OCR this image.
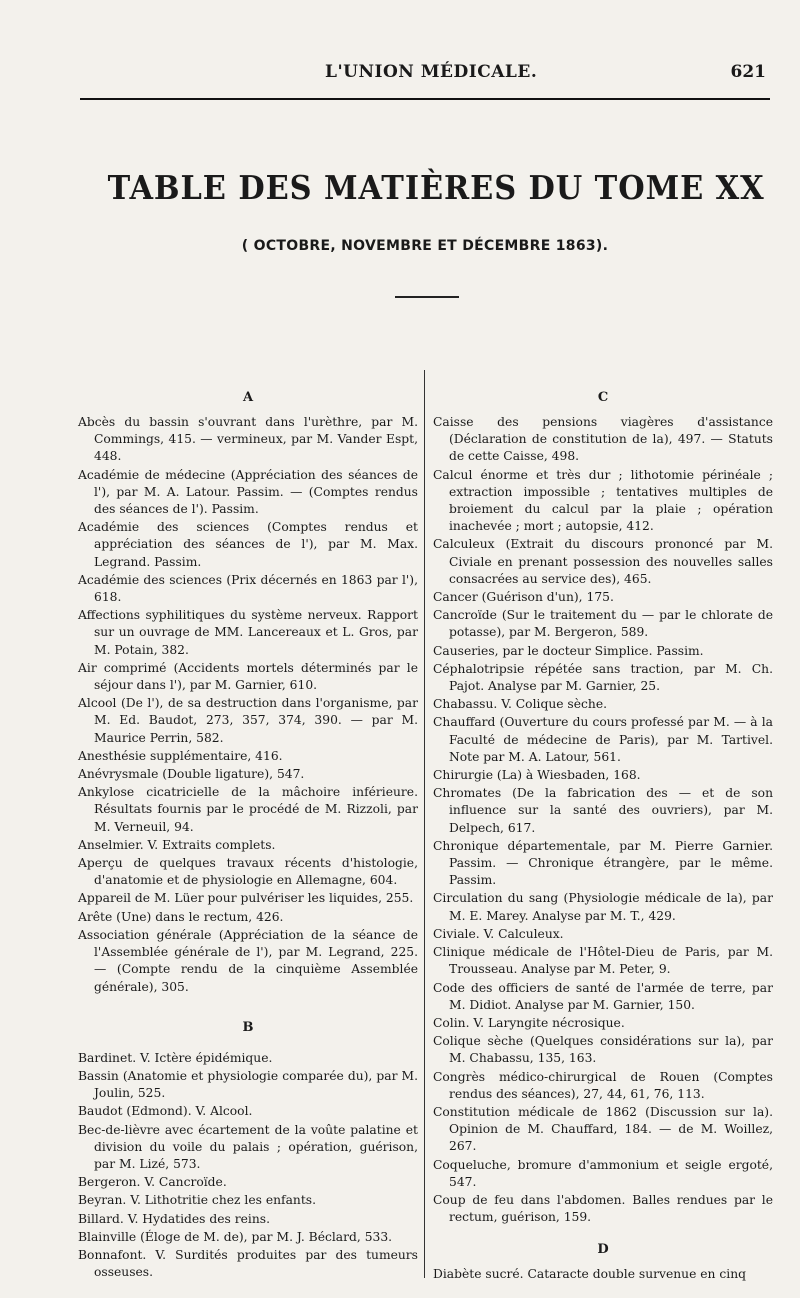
L'UNION MÉDICALE.	621
TABLE DES MATIÈRES DU TOME XX
( OCTOBRE, NOVEMBRE ET DÉCEMBRE 1863).
A

Abcès du bassin s'ouvrant dans l'urèthre, par M. Commings, 415. — vermineux, par M. Vander Espt, 448.

Académie de médecine (Appréciation des séances de l'), par M. A. Latour. Passim. — (Comptes rendus des séances de l'). Passim.

Académie des sciences (Comptes rendus et appréciation des séances de l'), par M. Max. Legrand. Passim.

Académie des sciences (Prix décernés en 1863 par l'), 618.

Affections syphilitiques du système nerveux. Rapport sur un ouvrage de MM. Lancereaux et L. Gros, par M. Potain, 382.

Air comprimé (Accidents mortels déterminés par le séjour dans l'), par M. Garnier, 610.

Alcool (De l'), de sa destruction dans l'organisme, par M. Ed. Baudot, 273, 357, 374, 390. — par M. Maurice Perrin, 582.

Anesthésie supplémentaire, 416.

Anévrysmale (Double ligature), 547.

Ankylose cicatricielle de la mâchoire inférieure. Résultats fournis par le procédé de M. Rizzoli, par M. Verneuil, 94.

Anselmier. V. Extraits complets.

Aperçu de quelques travaux récents d'histologie, d'anatomie et de physiologie en Allemagne, 604.

Appareil de M. Lüer pour pulvériser les liquides, 255.

Arête (Une) dans le rectum, 426.

Association générale (Appréciation de la séance de l'Assemblée générale de l'), par M. Legrand, 225. — (Compte rendu de la cinquième Assemblée générale), 305.

B

Bardinet. V. Ictère épidémique.

Bassin (Anatomie et physiologie comparée du), par M. Joulin, 525.

Baudot (Edmond). V. Alcool.

Bec-de-lièvre avec écartement de la voûte palatine et division du voile du palais ; opération, guérison, par M. Lizé, 573.

Bergeron. V. Cancroïde.

Beyran. V. Lithotritie chez les enfants.

Billard. V. Hydatides des reins.

Blainville (Éloge de M. de), par M. J. Béclard, 533.

Bonnafont. V. Surdités produites par des tumeurs osseuses.

C

Caisse des pensions viagères d'assistance (Déclaration de constitution de la), 497. — Statuts de cette Caisse, 498.

Calcul énorme et très dur ; lithotomie périnéale ; extraction impossible ; tentatives multiples de broiement du calcul par la plaie ; opération inachevée ; mort ; autopsie, 412.

Calculeux (Extrait du discours prononcé par M. Civiale en prenant possession des nouvelles salles consacrées au service des), 465.

Cancer (Guérison d'un), 175.

Cancroïde (Sur le traitement du — par le chlorate de potasse), par M. Bergeron, 589.

Causeries, par le docteur Simplice. Passim.

Céphalotripsie répétée sans traction, par M. Ch. Pajot. Analyse par M. Garnier, 25.

Chabassu. V. Colique sèche.

Chauffard (Ouverture du cours professé par M. — à la Faculté de médecine de Paris), par M. Tartivel. Note par M. A. Latour, 561.

Chirurgie (La) à Wiesbaden, 168.

Chromates (De la fabrication des — et de son influence sur la santé des ouvriers), par M. Delpech, 617.

Chronique départementale, par M. Pierre Garnier. Passim. — Chronique étrangère, par le même. Passim.

Circulation du sang (Physiologie médicale de la), par M. E. Marey. Analyse par M. T., 429.

Civiale. V. Calculeux.

Clinique médicale de l'Hôtel-Dieu de Paris, par M. Trousseau. Analyse par M. Peter, 9.

Code des officiers de santé de l'armée de terre, par M. Didiot. Analyse par M. Garnier, 150.

Colin. V. Laryngite nécrosique.

Colique sèche (Quelques considérations sur la), par M. Chabassu, 135, 163.

Congrès médico-chirurgical de Rouen (Comptes rendus des séances), 27, 44, 61, 76, 113.

Constitution médicale de 1862 (Discussion sur la). Opinion de M. Chauffard, 184. — de M. Woillez, 267.

Coqueluche, bromure d'ammonium et seigle ergoté, 547.

Coup de feu dans l'abdomen. Balles rendues par le rectum, guérison, 159.

D

Diabète sucré. Cataracte double survenue en cinq
